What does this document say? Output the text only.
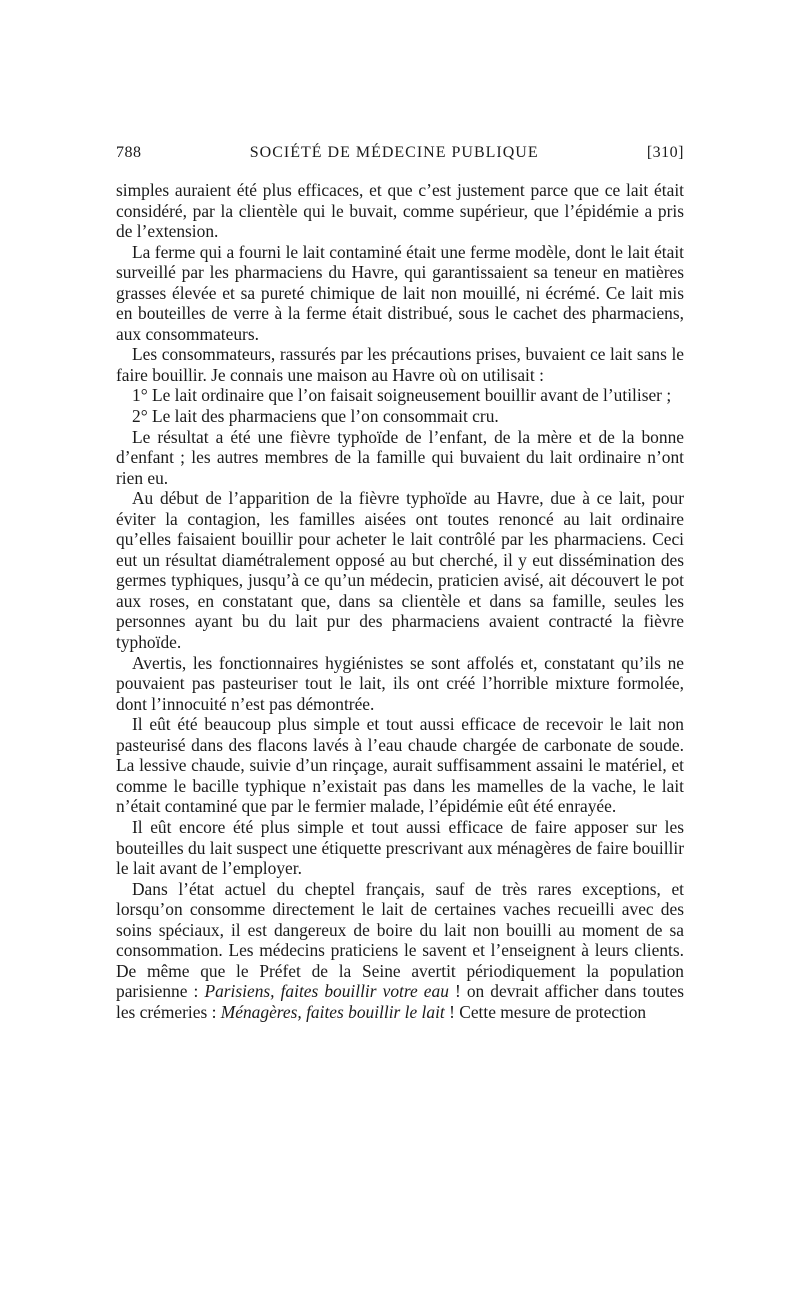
788	SOCIÉTÉ DE MÉDECINE PUBLIQUE	[310]

simples auraient été plus efficaces, et que c’est justement parce que ce lait était considéré, par la clientèle qui le buvait, comme supérieur, que l’épidémie a pris de l’extension.

La ferme qui a fourni le lait contaminé était une ferme modèle, dont le lait était surveillé par les pharmaciens du Havre, qui garantissaient sa teneur en matières grasses élevée et sa pureté chimique de lait non mouillé, ni écrémé. Ce lait mis en bouteilles de verre à la ferme était distribué, sous le cachet des pharmaciens, aux consommateurs.

Les consommateurs, rassurés par les précautions prises, buvaient ce lait sans le faire bouillir. Je connais une maison au Havre où on utilisait :

1° Le lait ordinaire que l’on faisait soigneusement bouillir avant de l’utiliser ;

2° Le lait des pharmaciens que l’on consommait cru.

Le résultat a été une fièvre typhoïde de l’enfant, de la mère et de la bonne d’enfant ; les autres membres de la famille qui buvaient du lait ordinaire n’ont rien eu.

Au début de l’apparition de la fièvre typhoïde au Havre, due à ce lait, pour éviter la contagion, les familles aisées ont toutes renoncé au lait ordinaire qu’elles faisaient bouillir pour acheter le lait contrôlé par les pharmaciens. Ceci eut un résultat diamétralement opposé au but cherché, il y eut dissémination des germes typhiques, jusqu’à ce qu’un médecin, praticien avisé, ait découvert le pot aux roses, en constatant que, dans sa clientèle et dans sa famille, seules les personnes ayant bu du lait pur des pharmaciens avaient contracté la fièvre typhoïde.

Avertis, les fonctionnaires hygiénistes se sont affolés et, constatant qu’ils ne pouvaient pas pasteuriser tout le lait, ils ont créé l’horrible mixture formolée, dont l’innocuité n’est pas démontrée.

Il eût été beaucoup plus simple et tout aussi efficace de recevoir le lait non pasteurisé dans des flacons lavés à l’eau chaude chargée de carbonate de soude. La lessive chaude, suivie d’un rinçage, aurait suffisamment assaini le matériel, et comme le bacille typhique n’existait pas dans les mamelles de la vache, le lait n’était contaminé que par le fermier malade, l’épidémie eût été enrayée.

Il eût encore été plus simple et tout aussi efficace de faire apposer sur les bouteilles du lait suspect une étiquette prescrivant aux ménagères de faire bouillir le lait avant de l’employer.

Dans l’état actuel du cheptel français, sauf de très rares exceptions, et lorsqu’on consomme directement le lait de certaines vaches recueilli avec des soins spéciaux, il est dangereux de boire du lait non bouilli au moment de sa consommation. Les médecins praticiens le savent et l’enseignent à leurs clients. De même que le Préfet de la Seine avertit périodiquement la population parisienne : Parisiens, faites bouillir votre eau ! on devrait afficher dans toutes les crémeries : Ménagères, faites bouillir le lait ! Cette mesure de protection
